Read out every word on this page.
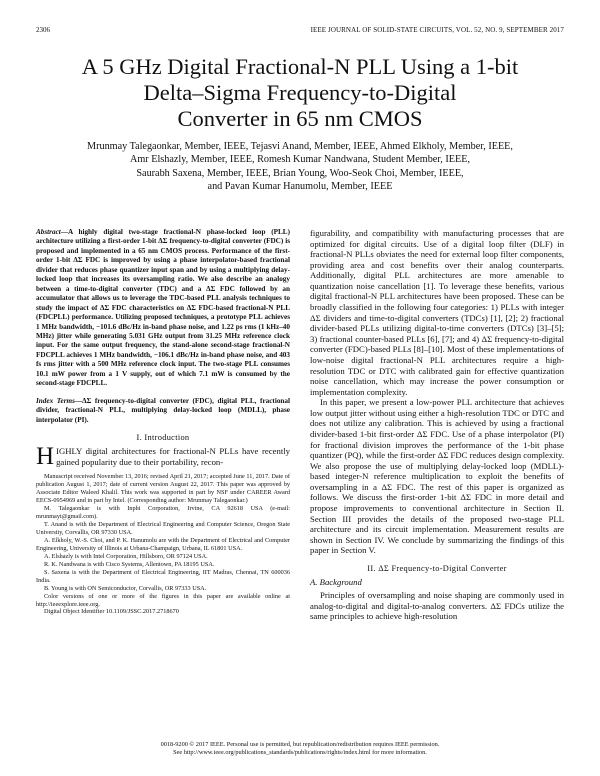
2306	IEEE JOURNAL OF SOLID-STATE CIRCUITS, VOL. 52, NO. 9, SEPTEMBER 2017
A 5 GHz Digital Fractional-N PLL Using a 1-bit
Delta–Sigma Frequency-to-Digital
Converter in 65 nm CMOS
Mrunmay Talegaonkar, Member, IEEE, Tejasvi Anand, Member, IEEE, Ahmed Elkholy, Member, IEEE,
Amr Elshazly, Member, IEEE, Romesh Kumar Nandwana, Student Member, IEEE,
Saurabh Saxena, Member, IEEE, Brian Young, Woo-Seok Choi, Member, IEEE,
and Pavan Kumar Hanumolu, Member, IEEE

Abstract—A highly digital two-stage fractional-N phase-locked loop (PLL) architecture utilizing a first-order 1-bit ΔΣ frequency-to-digital converter (FDC) is proposed and implemented in a 65 nm CMOS process. Performance of the first-order 1-bit ΔΣ FDC is improved by using a phase interpolator-based fractional divider that reduces phase quantizer input span and by using a multiplying delay-locked loop that increases its oversampling ratio. We also describe an analogy between a time-to-digital converter (TDC) and a ΔΣ FDC followed by an accumulator that allows us to leverage the TDC-based PLL analysis techniques to study the impact of ΔΣ FDC characteristics on ΔΣ FDC-based fractional-N PLL (FDCPLL) performance. Utilizing proposed techniques, a prototype PLL achieves 1 MHz bandwidth, −101.6 dBc/Hz in-band phase noise, and 1.22 ps rms (1 kHz–40 MHz) jitter while generating 5.031 GHz output from 31.25 MHz reference clock input. For the same output frequency, the stand-alone second-stage fractional-N FDCPLL achieves 1 MHz bandwidth, −106.1 dBc/Hz in-band phase noise, and 403 fs rms jitter with a 500 MHz reference clock input. The two-stage PLL consumes 10.1 mW power from a 1 V supply, out of which 7.1 mW is consumed by the second-stage FDCPLL.

Index Terms—ΔΣ frequency-to-digital converter (FDC), digital PLL, fractional divider, fractional-N PLL, multiplying delay-locked loop (MDLL), phase interpolator (PI).

I. Introduction

HIGHLY digital architectures for fractional-N PLLs have recently gained popularity due to their portability, recon-

Manuscript received November 13, 2016; revised April 21, 2017; accepted June 11, 2017. Date of publication August 1, 2017; date of current version August 22, 2017. This paper was approved by Associate Editor Waleed Khalil. This work was supported in part by NSF under CAREER Award EECS-0954969 and in part by Intel. (Corresponding author: Mrunmay Talegaonkar.)

M. Talegaonkar is with Inphi Corporation, Irvine, CA 92618 USA (e-mail: mrunmayt@gmail.com).

T. Anand is with the Department of Electrical Engineering and Computer Science, Oregon State University, Corvallis, OR 97330 USA.

A. Elkholy, W.-S. Choi, and P. K. Hanumolu are with the Department of Electrical and Computer Engineering, University of Illinois at Urbana-Champaign, Urbana, IL 61801 USA.

A. Elshazly is with Intel Corporation, Hillsboro, OR 97124 USA.

R. K. Nandwana is with Cisco Systems, Allentown, PA 18195 USA.

S. Saxena is with the Department of Electrical Engineering, IIT Madras, Chennai, TN 600036 India.

B. Young is with ON Semiconductor, Corvallis, OR 97333 USA.

Color versions of one or more of the figures in this paper are available online at http://ieeexplore.ieee.org.

Digital Object Identifier 10.1109/JSSC.2017.2718670

figurability, and compatibility with manufacturing processes that are optimized for digital circuits. Use of a digital loop filter (DLF) in fractional-N PLLs obviates the need for external loop filter components, providing area and cost benefits over their analog counterparts. Additionally, digital PLL architectures are more amenable to quantization noise cancellation [1]. To leverage these benefits, various digital fractional-N PLL architectures have been proposed. These can be broadly classified in the following four categories: 1) PLLs with integer ΔΣ dividers and time-to-digital converters (TDCs) [1], [2]; 2) fractional divider-based PLLs utilizing digital-to-time converters (DTCs) [3]–[5]; 3) fractional counter-based PLLs [6], [7]; and 4) ΔΣ frequency-to-digital converter (FDC)-based PLLs [8]–[10]. Most of these implementations of low-noise digital fractional-N PLL architectures require a high-resolution TDC or DTC with calibrated gain for effective quantization noise cancellation, which may increase the power consumption or implementation complexity.

In this paper, we present a low-power PLL architecture that achieves low output jitter without using either a high-resolution TDC or DTC and does not utilize any calibration. This is achieved by using a fractional divider-based 1-bit first-order ΔΣ FDC. Use of a phase interpolator (PI) for fractional division improves the performance of the 1-bit phase quantizer (PQ), while the first-order ΔΣ FDC reduces design complexity. We also propose the use of multiplying delay-locked loop (MDLL)-based integer-N reference multiplication to exploit the benefits of oversampling in a ΔΣ FDC. The rest of this paper is organized as follows. We discuss the first-order 1-bit ΔΣ FDC in more detail and propose improvements to conventional architecture in Section II. Section III provides the details of the proposed two-stage PLL architecture and its circuit implementation. Measurement results are shown in Section IV. We conclude by summarizing the findings of this paper in Section V.

II. ΔΣ Frequency-to-Digital Converter
A. Background

Principles of oversampling and noise shaping are commonly used in analog-to-digital and digital-to-analog converters. ΔΣ FDCs utilize the same principles to achieve high-resolution

0018-9200 © 2017 IEEE. Personal use is permitted, but republication/redistribution requires IEEE permission.
See http://www.ieee.org/publications_standards/publications/rights/index.html for more information.
